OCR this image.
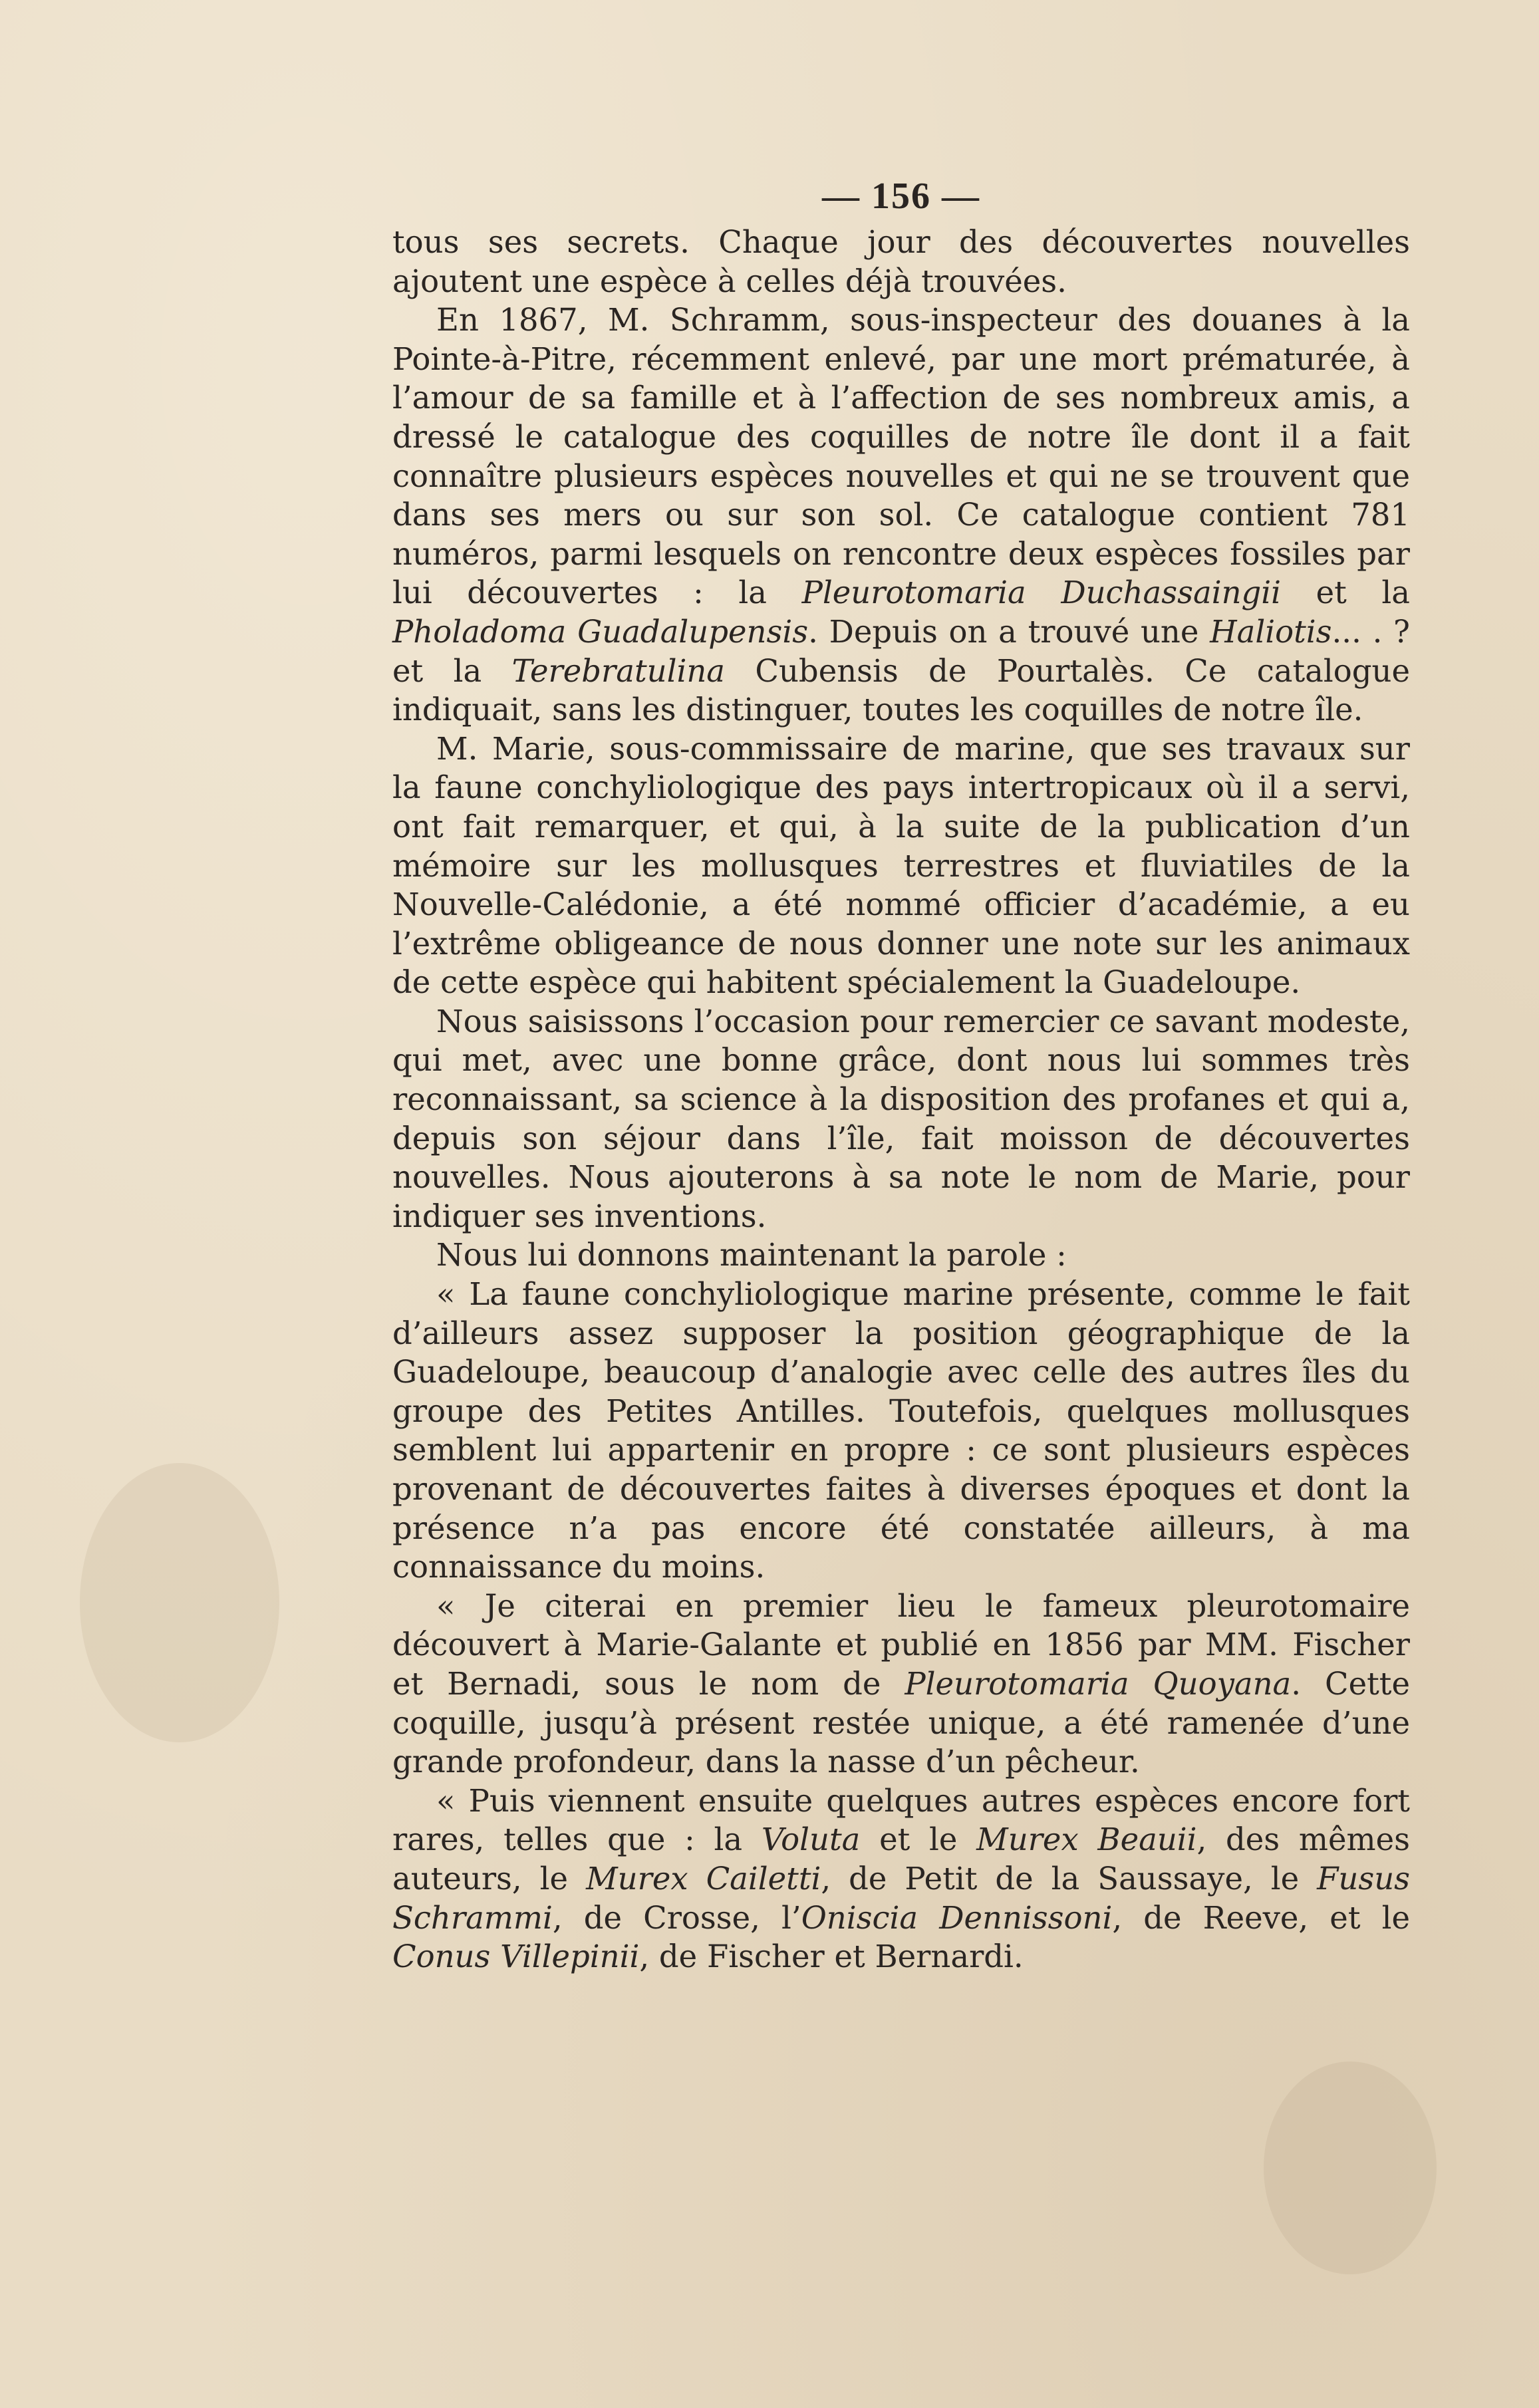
— 156 —

tous ses secrets. Chaque jour des découvertes nouvelles ajoutent une espèce à celles déjà trouvées.

En 1867, M. Schramm, sous-inspecteur des douanes à la Pointe-à-Pitre, récemment enlevé, par une mort prématurée, à l’amour de sa famille et à l’affection de ses nombreux amis, a dressé le catalogue des coquilles de notre île dont il a fait connaître plusieurs espèces nouvelles et qui ne se trouvent que dans ses mers ou sur son sol. Ce catalogue contient 781 numéros, parmi lesquels on rencontre deux espèces fossiles par lui découvertes : la Pleurotomaria Duchassaingii et la Pholadoma Guadalupensis. Depuis on a trouvé une Haliotis... . ? et la Terebratulina Cubensis de Pourtalès. Ce catalogue indiquait, sans les distinguer, toutes les coquilles de notre île.

M. Marie, sous-commissaire de marine, que ses travaux sur la faune conchyliologique des pays intertropicaux où il a servi, ont fait remarquer, et qui, à la suite de la publication d’un mémoire sur les mollusques terrestres et fluviatiles de la Nouvelle-Calédonie, a été nommé officier d’académie, a eu l’extrême obligeance de nous donner une note sur les animaux de cette espèce qui habitent spécialement la Guadeloupe.

Nous saisissons l’occasion pour remercier ce savant modeste, qui met, avec une bonne grâce, dont nous lui sommes très reconnaissant, sa science à la disposition des profanes et qui a, depuis son séjour dans l’île, fait moisson de découvertes nouvelles. Nous ajouterons à sa note le nom de Marie, pour indiquer ses inventions.

Nous lui donnons maintenant la parole :

« La faune conchyliologique marine présente, comme le fait d’ailleurs assez supposer la position géographique de la Guadeloupe, beaucoup d’analogie avec celle des autres îles du groupe des Petites Antilles. Toutefois, quelques mollusques semblent lui appartenir en propre : ce sont plusieurs espèces provenant de découvertes faites à diverses époques et dont la présence n’a pas encore été constatée ailleurs, à ma connaissance du moins.

« Je citerai en premier lieu le fameux pleurotomaire découvert à Marie-Galante et publié en 1856 par MM. Fischer et Bernadi, sous le nom de Pleurotomaria Quoyana. Cette coquille, jusqu’à présent restée unique, a été ramenée d’une grande profondeur, dans la nasse d’un pêcheur.

« Puis viennent ensuite quelques autres espèces encore fort rares, telles que : la Voluta et le Murex Beauii, des mêmes auteurs, le Murex Cailetti, de Petit de la Saussaye, le Fusus Schrammi, de Crosse, l’Oniscia Dennissoni, de Reeve, et le Conus Villepinii, de Fischer et Bernardi.
